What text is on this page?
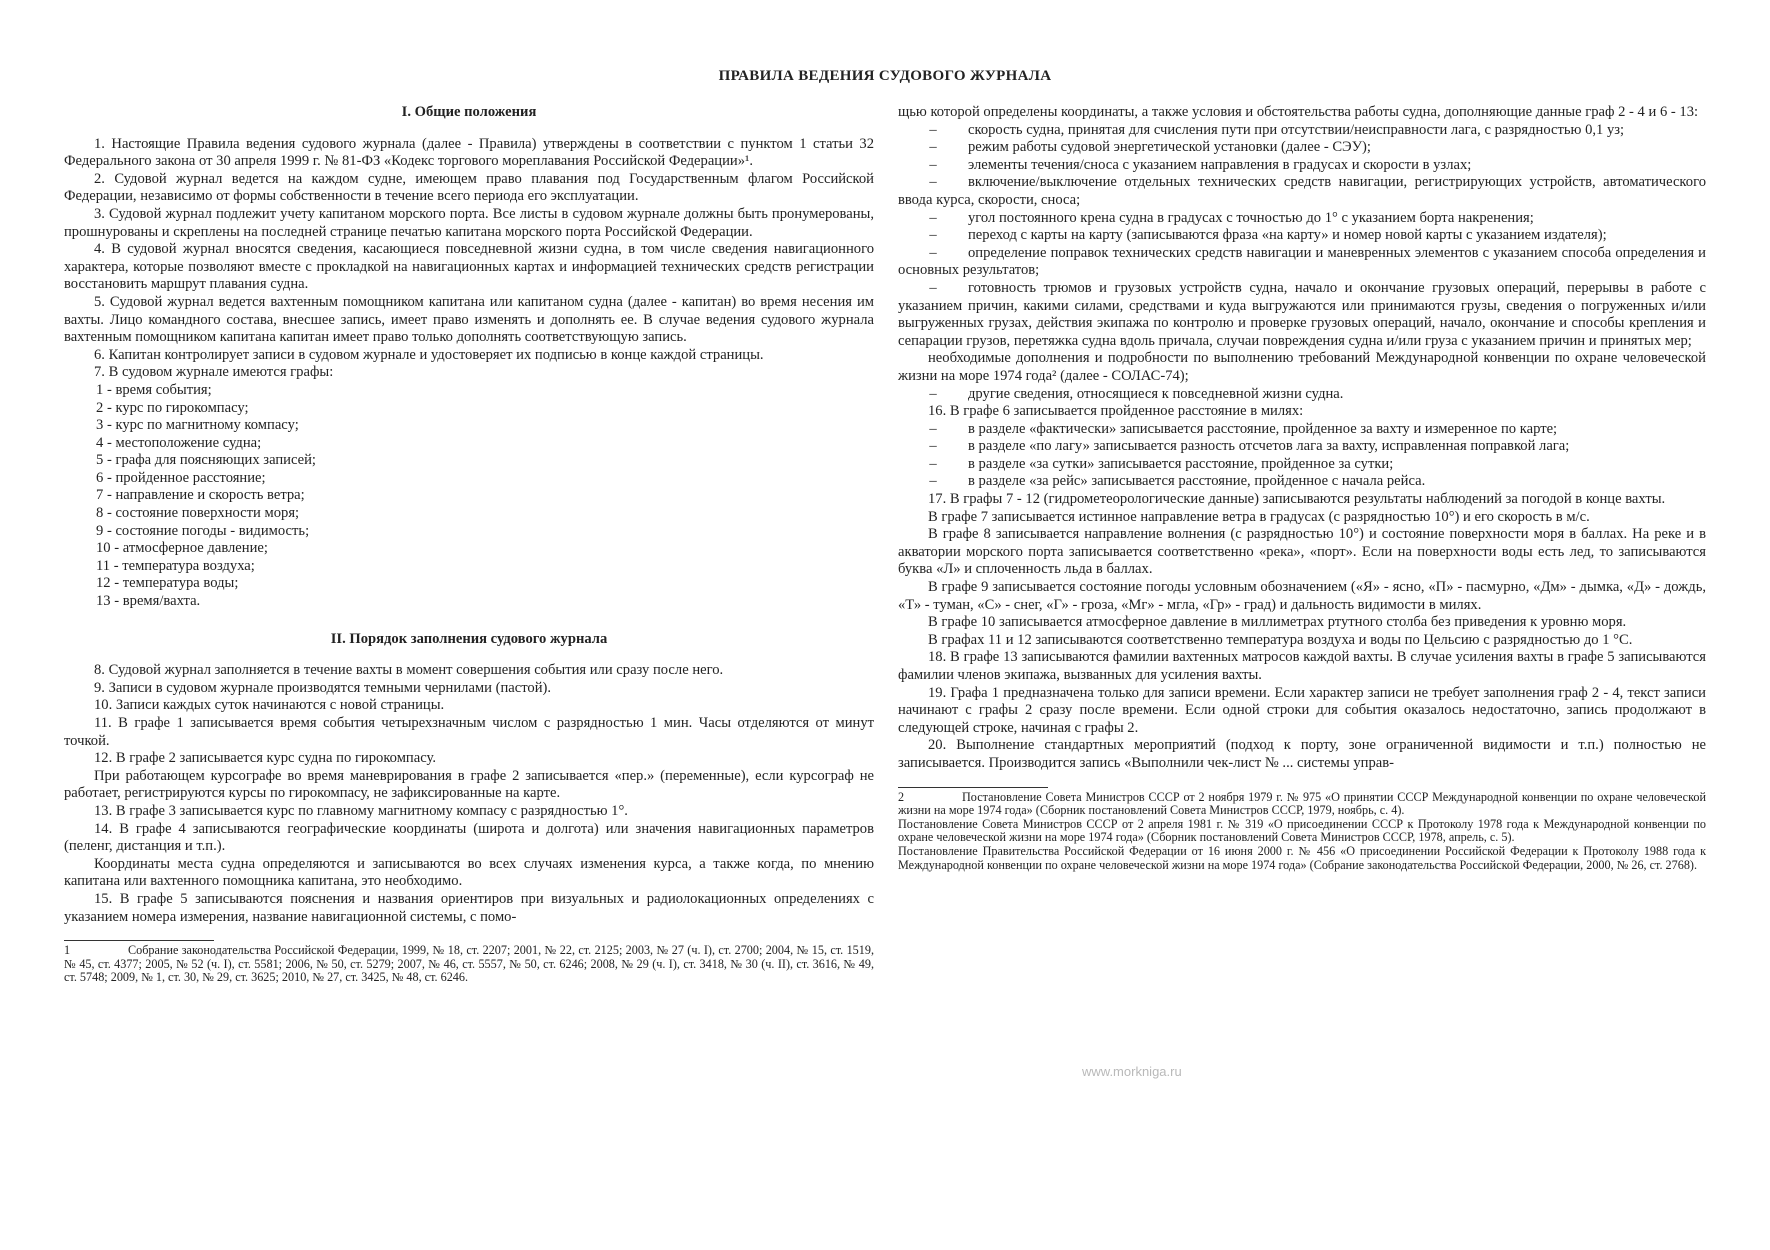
ПРАВИЛА ВЕДЕНИЯ СУДОВОГО ЖУРНАЛА

I. Общие положения

1. Настоящие Правила ведения судового журнала (далее - Правила) утверждены в соответствии с пунктом 1 статьи 32 Федерального закона от 30 апреля 1999 г. № 81-ФЗ «Кодекс торгового мореплавания Российской Федерации»¹.

2. Судовой журнал ведется на каждом судне, имеющем право плавания под Государственным флагом Российской Федерации, независимо от формы собственности в течение всего периода его эксплуатации.

3. Судовой журнал подлежит учету капитаном морского порта. Все листы в судовом журнале должны быть пронумерованы, прошнурованы и скреплены на последней странице печатью капитана морского порта Российской Федерации.

4. В судовой журнал вносятся сведения, касающиеся повседневной жизни судна, в том числе сведения навигационного характера, которые позволяют вместе с прокладкой на навигационных картах и информацией технических средств регистрации восстановить маршрут плавания судна.

5. Судовой журнал ведется вахтенным помощником капитана или капитаном судна (далее - капитан) во время несения им вахты. Лицо командного состава, внесшее запись, имеет право изменять и дополнять ее. В случае ведения судового журнала вахтенным помощником капитана капитан имеет право только дополнять соответствующую запись.

6. Капитан контролирует записи в судовом журнале и удостоверяет их подписью в конце каждой страницы.

7. В судовом журнале имеются графы:

1 - время события;

2 - курс по гирокомпасу;

3 - курс по магнитному компасу;

4 - местоположение судна;

5 - графа для поясняющих записей;

6 - пройденное расстояние;

7 - направление и скорость ветра;

8 - состояние поверхности моря;

9 - состояние погоды - видимость;

10 - атмосферное давление;

11 - температура воздуха;

12 - температура воды;

13 - время/вахта.

II. Порядок заполнения судового журнала

8. Судовой журнал заполняется в течение вахты в момент совершения события или сразу после него.

9. Записи в судовом журнале производятся темными чернилами (пастой).

10. Записи каждых суток начинаются с новой страницы.

11. В графе 1 записывается время события четырехзначным числом с разрядностью 1 мин. Часы отделяются от минут точкой.

12. В графе 2 записывается курс судна по гирокомпасу.

При работающем курсографе во время маневрирования в графе 2 записывается «пер.» (переменные), если курсограф не работает, регистрируются курсы по гирокомпасу, не зафиксированные на карте.

13. В графе 3 записывается курс по главному магнитному компасу с разрядностью 1°.

14. В графе 4 записываются географические координаты (широта и долгота) или значения навигационных параметров (пеленг, дистанция и т.п.).

Координаты места судна определяются и записываются во всех случаях изменения курса, а также когда, по мнению капитана или вахтенного помощника капитана, это необходимо.

15. В графе 5 записываются пояснения и названия ориентиров при визуальных и радиолокационных определениях с указанием номера измерения, название навигационной системы, с помо-

1	Собрание законодательства Российской Федерации, 1999, № 18, ст. 2207; 2001, № 22, ст. 2125; 2003, № 27 (ч. I), ст. 2700; 2004, № 15, ст. 1519, № 45, ст. 4377; 2005, № 52 (ч. I), ст. 5581; 2006, № 50, ст. 5279; 2007, № 46, ст. 5557, № 50, ст. 6246; 2008, № 29 (ч. I), ст. 3418, № 30 (ч. II), ст. 3616, № 49, ст. 5748; 2009, № 1, ст. 30, № 29, ст. 3625; 2010, № 27, ст. 3425, № 48, ст. 6246.

щью которой определены координаты, а также условия и обстоятельства работы судна, дополняющие данные граф 2 - 4 и 6 - 13:

– скорость судна, принятая для счисления пути при отсутствии/неисправности лага, с разрядностью 0,1 уз;

– режим работы судовой энергетической установки (далее - СЭУ);

– элементы течения/сноса с указанием направления в градусах и скорости в узлах;

– включение/выключение отдельных технических средств навигации, регистрирующих устройств, автоматического ввода курса, скорости, сноса;

– угол постоянного крена судна в градусах с точностью до 1° с указанием борта накренения;

– переход с карты на карту (записываются фраза «на карту» и номер новой карты с указанием издателя);

– определение поправок технических средств навигации и маневренных элементов с указанием способа определения и основных результатов;

– готовность трюмов и грузовых устройств судна, начало и окончание грузовых операций, перерывы в работе с указанием причин, какими силами, средствами и куда выгружаются или принимаются грузы, сведения о погруженных и/или выгруженных грузах, действия экипажа по контролю и проверке грузовых операций, начало, окончание и способы крепления и сепарации грузов, перетяжка судна вдоль причала, случаи повреждения судна и/или груза с указанием причин и принятых мер;

необходимые дополнения и подробности по выполнению требований Международной конвенции по охране человеческой жизни на море 1974 года² (далее - СОЛАС-74);

– другие сведения, относящиеся к повседневной жизни судна.

16. В графе 6 записывается пройденное расстояние в милях:

– в разделе «фактически» записывается расстояние, пройденное за вахту и измеренное по карте;

– в разделе «по лагу» записывается разность отсчетов лага за вахту, исправленная поправкой лага;

– в разделе «за сутки» записывается расстояние, пройденное за сутки;

– в разделе «за рейс» записывается расстояние, пройденное с начала рейса.

17. В графы 7 - 12 (гидрометеорологические данные) записываются результаты наблюдений за погодой в конце вахты.

В графе 7 записывается истинное направление ветра в градусах (с разрядностью 10°) и его скорость в м/с.

В графе 8 записывается направление волнения (с разрядностью 10°) и состояние поверхности моря в баллах. На реке и в акватории морского порта записывается соответственно «река», «порт». Если на поверхности воды есть лед, то записываются буква «Л» и сплоченность льда в баллах.

В графе 9 записывается состояние погоды условным обозначением («Я» - ясно, «П» - пасмурно, «Дм» - дымка, «Д» - дождь, «Т» - туман, «С» - снег, «Г» - гроза, «Мг» - мгла, «Гр» - град) и дальность видимости в милях.

В графе 10 записывается атмосферное давление в миллиметрах ртутного столба без приведения к уровню моря.

В графах 11 и 12 записываются соответственно температура воздуха и воды по Цельсию с разрядностью до 1 °С.

18. В графе 13 записываются фамилии вахтенных матросов каждой вахты. В случае усиления вахты в графе 5 записываются фамилии членов экипажа, вызванных для усиления вахты.

19. Графа 1 предназначена только для записи времени. Если характер записи не требует заполнения граф 2 - 4, текст записи начинают с графы 2 сразу после времени. Если одной строки для события оказалось недостаточно, запись продолжают в следующей строке, начиная с графы 2.

20. Выполнение стандартных мероприятий (подход к порту, зоне ограниченной видимости и т.п.) полностью не записывается. Производится запись «Выполнили чек-лист № ... системы управ-

2	Постановление Совета Министров СССР от 2 ноября 1979 г. № 975 «О принятии СССР Международной конвенции по охране человеческой жизни на море 1974 года» (Сборник постановлений Совета Министров СССР, 1979, ноябрь, с. 4).

Постановление Совета Министров СССР от 2 апреля 1981 г. № 319 «О присоединении СССР к Протоколу 1978 года к Международной конвенции по охране человеческой жизни на море 1974 года» (Сборник постановлений Совета Министров СССР, 1978, апрель, с. 5).

Постановление Правительства Российской Федерации от 16 июня 2000 г. № 456 «О присоединении Российской Федерации к Протоколу 1988 года к Международной конвенции по охране человеческой жизни на море 1974 года» (Собрание законодательства Российской Федерации, 2000, № 26, ст. 2768).

www.morkniga.ru
